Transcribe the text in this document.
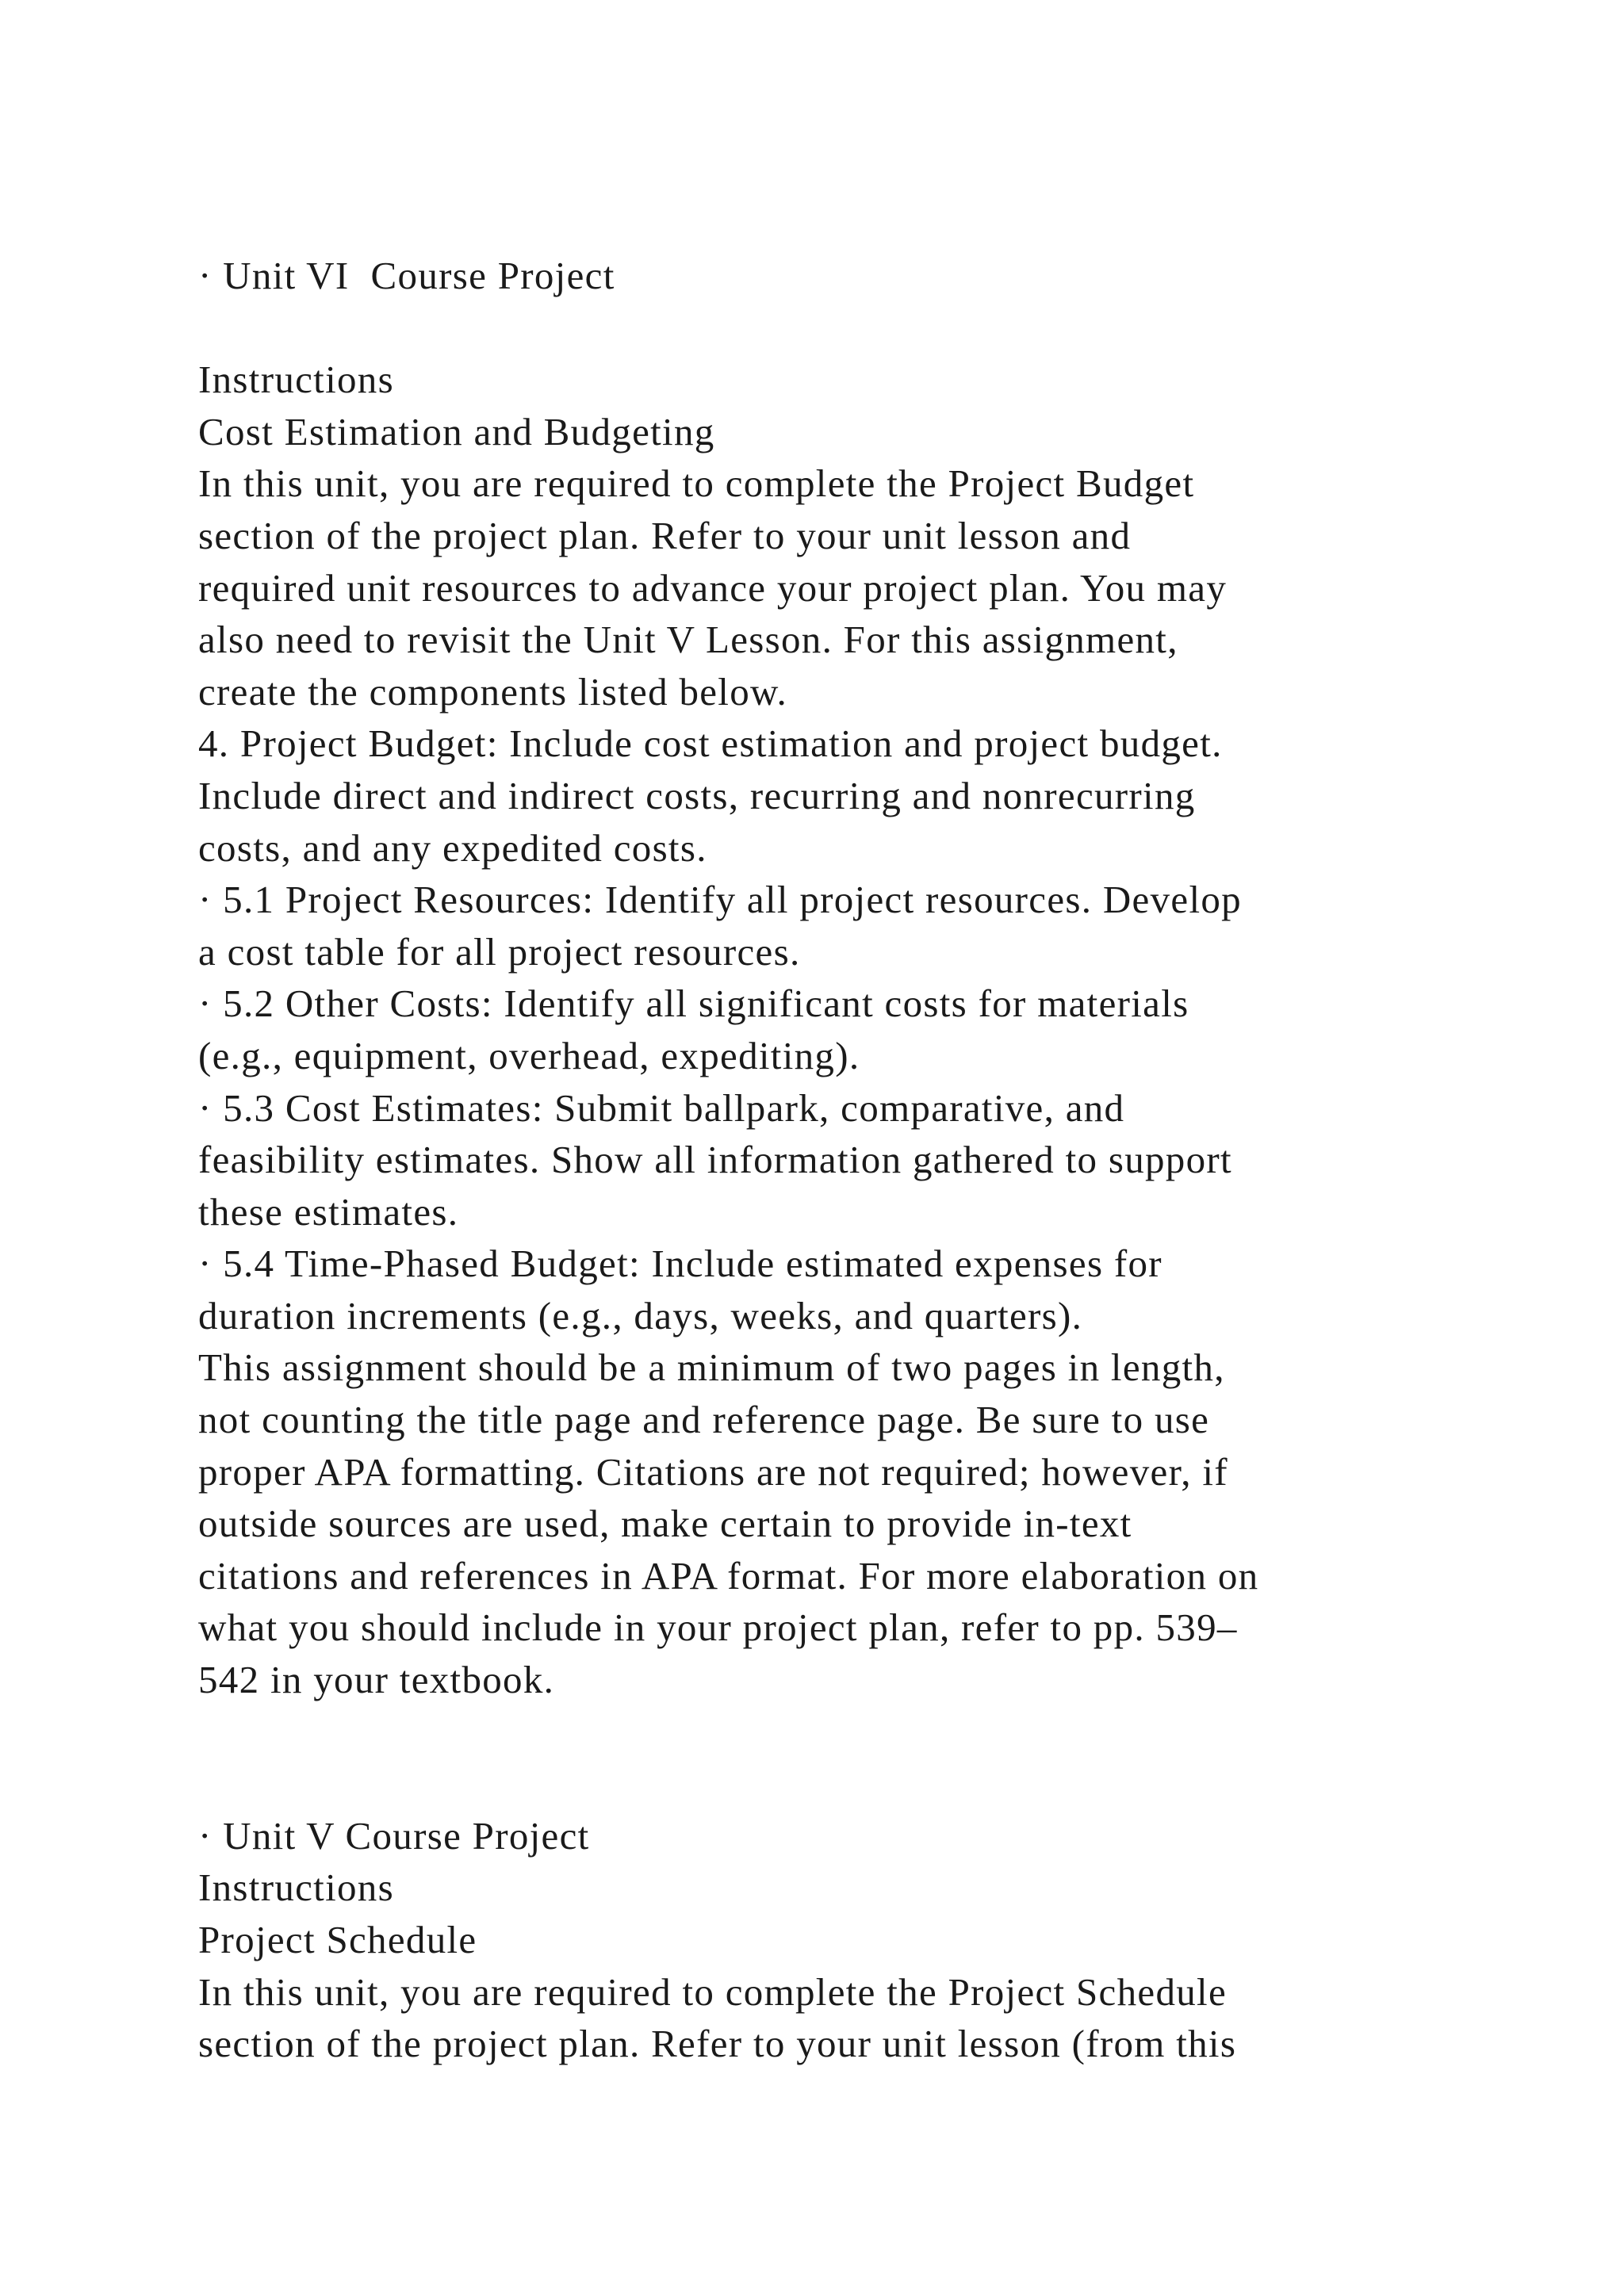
· Unit VI  Course Project
Instructions
Cost Estimation and Budgeting
In this unit, you are required to complete the Project Budget
section of the project plan. Refer to your unit lesson and
required unit resources to advance your project plan. You may
also need to revisit the Unit V Lesson. For this assignment,
create the components listed below.
4. Project Budget: Include cost estimation and project budget.
Include direct and indirect costs, recurring and nonrecurring
costs, and any expedited costs.
· 5.1 Project Resources: Identify all project resources. Develop
a cost table for all project resources.
· 5.2 Other Costs: Identify all significant costs for materials
(e.g., equipment, overhead, expediting).
· 5.3 Cost Estimates: Submit ballpark, comparative, and
feasibility estimates. Show all information gathered to support
these estimates.
· 5.4 Time-Phased Budget: Include estimated expenses for
duration increments (e.g., days, weeks, and quarters).
This assignment should be a minimum of two pages in length,
not counting the title page and reference page. Be sure to use
proper APA formatting. Citations are not required; however, if
outside sources are used, make certain to provide in-text
citations and references in APA format. For more elaboration on
what you should include in your project plan, refer to pp. 539–
542 in your textbook.
· Unit V Course Project
Instructions
Project Schedule
In this unit, you are required to complete the Project Schedule
section of the project plan. Refer to your unit lesson (from this
